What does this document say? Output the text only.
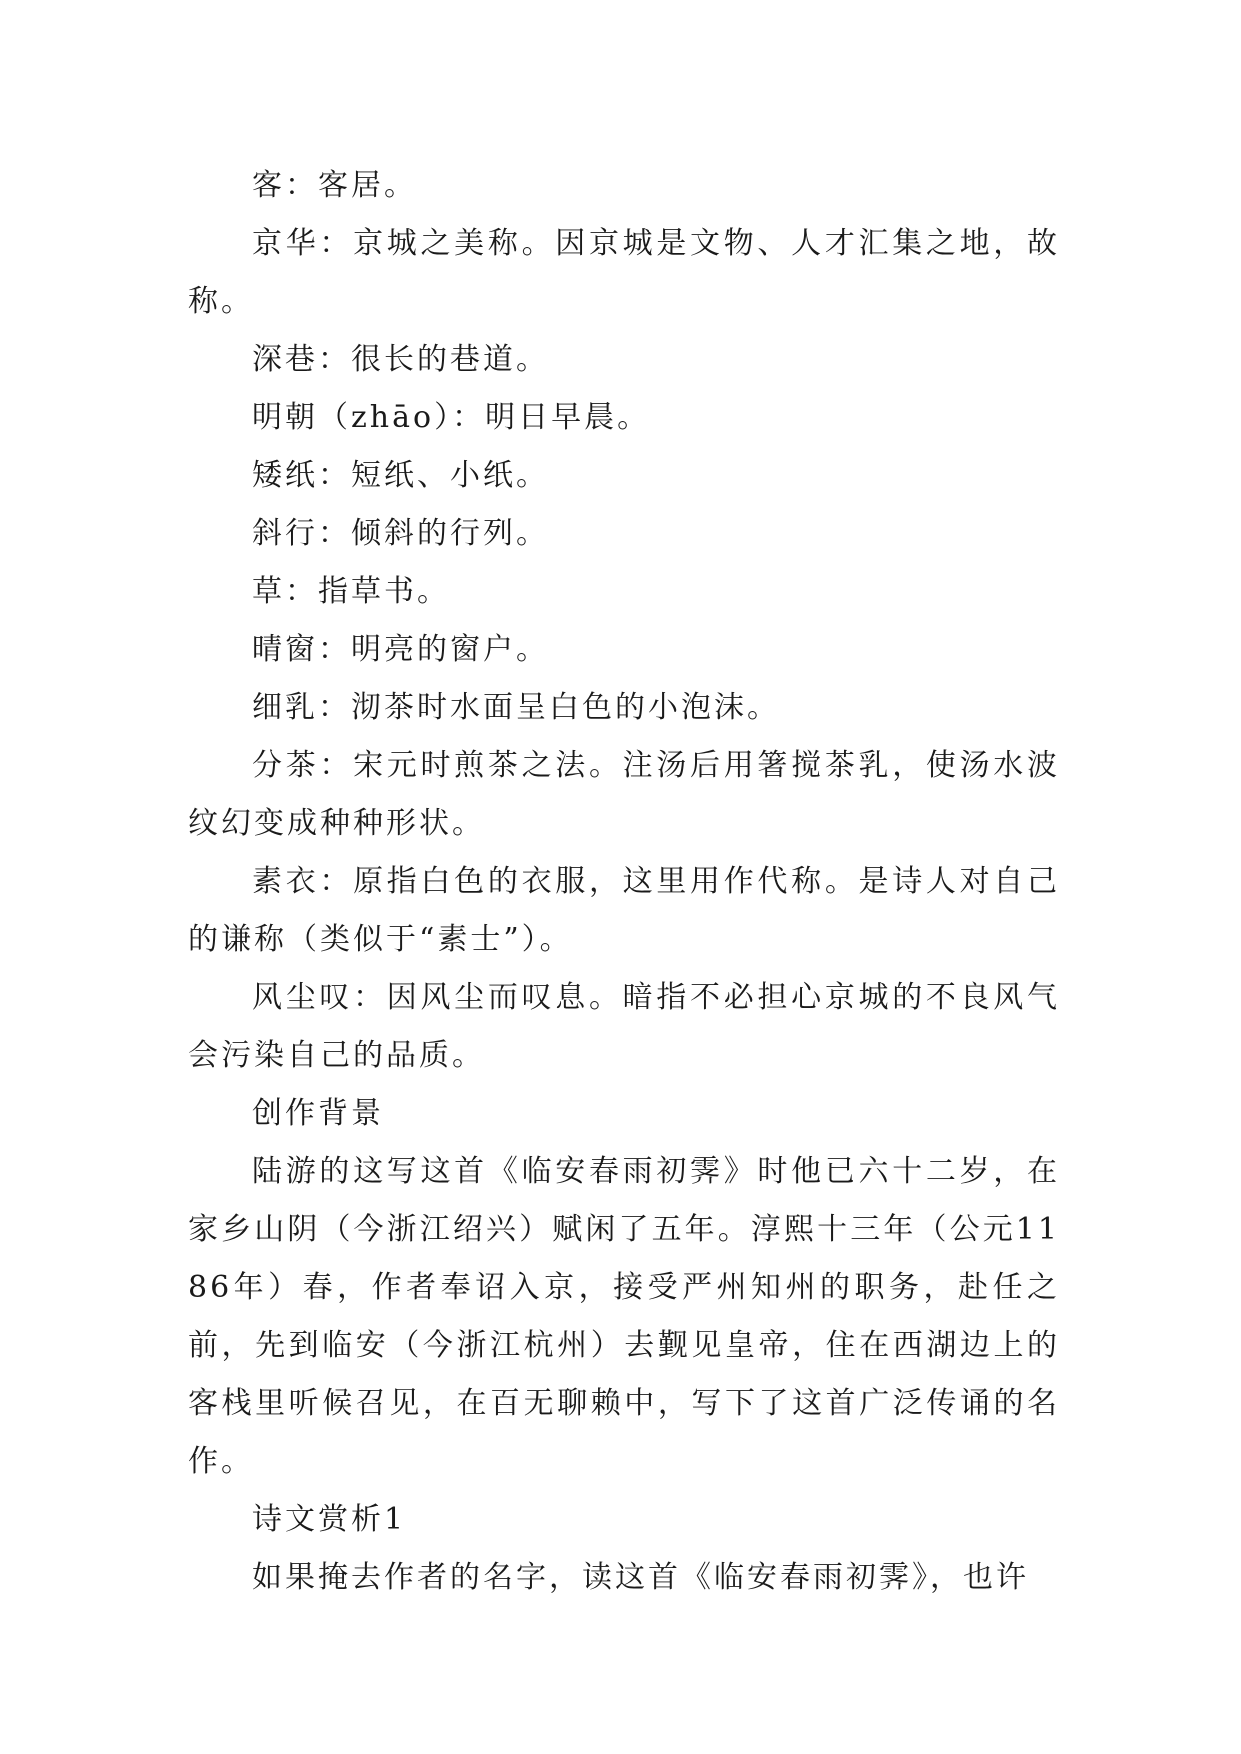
客：客居。

京华：京城之美称。因京城是文物、人才汇集之地，故称。

深巷：很长的巷道。

明朝（zhāo）：明日早晨。

矮纸：短纸、小纸。

斜行：倾斜的行列。

草：指草书。

晴窗：明亮的窗户。

细乳：沏茶时水面呈白色的小泡沫。

分茶：宋元时煎茶之法。注汤后用箸搅茶乳，使汤水波纹幻变成种种形状。

素衣：原指白色的衣服，这里用作代称。是诗人对自己的谦称（类似于“素士”）。

风尘叹：因风尘而叹息。暗指不必担心京城的不良风气会污染自己的品质。

创作背景

陆游的这写这首《临安春雨初霁》时他已六十二岁，在家乡山阴（今浙江绍兴）赋闲了五年。淳熙十三年（公元1186年）春，作者奉诏入京，接受严州知州的职务，赴任之前，先到临安（今浙江杭州）去觐见皇帝，住在西湖边上的客栈里听候召见，在百无聊赖中，写下了这首广泛传诵的名作。

诗文赏析1

如果掩去作者的名字，读这首《临安春雨初霁》，也许
